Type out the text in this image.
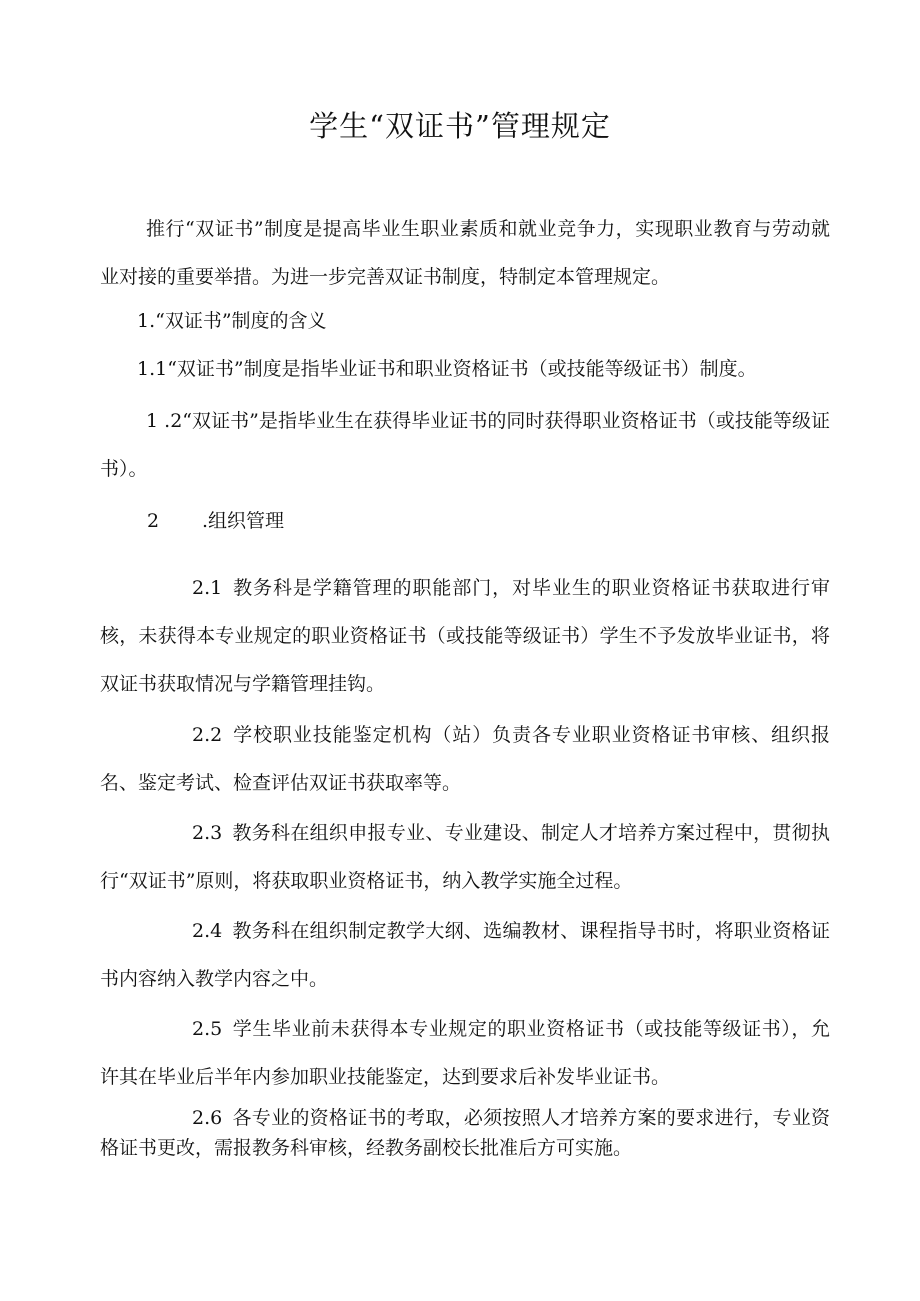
学生“双证书”管理规定

推行“双证书”制度是提高毕业生职业素质和就业竞争力，实现职业教育与劳动就业对接的重要举措。为进一步完善双证书制度，特制定本管理规定。

1.“双证书”制度的含义

1.1“双证书”制度是指毕业证书和职业资格证书（或技能等级证书）制度。

1 .2“双证书”是指毕业生在获得毕业证书的同时获得职业资格证书（或技能等级证书）。

2 .组织管理

2.1 教务科是学籍管理的职能部门，对毕业生的职业资格证书获取进行审核，未获得本专业规定的职业资格证书（或技能等级证书）学生不予发放毕业证书，将双证书获取情况与学籍管理挂钩。

2.2 学校职业技能鉴定机构（站）负责各专业职业资格证书审核、组织报名、鉴定考试、检查评估双证书获取率等。

2.3 教务科在组织申报专业、专业建设、制定人才培养方案过程中，贯彻执行“双证书”原则，将获取职业资格证书，纳入教学实施全过程。

2.4 教务科在组织制定教学大纲、选编教材、课程指导书时，将职业资格证书内容纳入教学内容之中。

2.5 学生毕业前未获得本专业规定的职业资格证书（或技能等级证书），允许其在毕业后半年内参加职业技能鉴定，达到要求后补发毕业证书。

2.6 各专业的资格证书的考取，必须按照人才培养方案的要求进行，专业资格证书更改，需报教务科审核，经教务副校长批准后方可实施。
